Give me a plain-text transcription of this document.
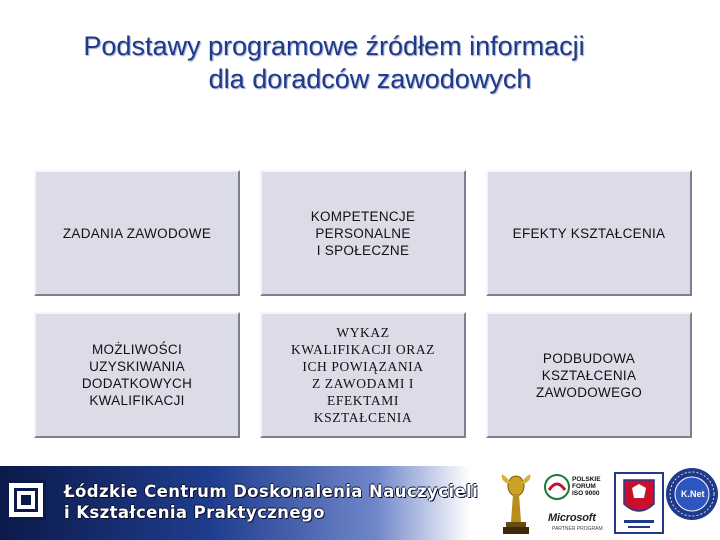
Podstawy programowe źródłem informacji
dla doradców zawodowych
ZADANIA ZAWODOWE
KOMPETENCJE
PERSONALNE
I SPOŁECZNE
EFEKTY KSZTAŁCENIA
MOŻLIWOŚCI
UZYSKIWANIA
DODATKOWYCH
KWALIFIKACJI
WYKAZ
KWALIFIKACJI ORAZ
ICH POWIĄZANIA
Z ZAWODAMI I
EFEKTAMI
KSZTAŁCENIA
PODBUDOWA
KSZTAŁCENIA
ZAWODOWEGO
Łódzkie Centrum Doskonalenia Nauczycieli
i Kształcenia Praktycznego
POLSKIE
FORUM
ISO 9000
Microsoft
PARTNER PROGRAM
K.Net
